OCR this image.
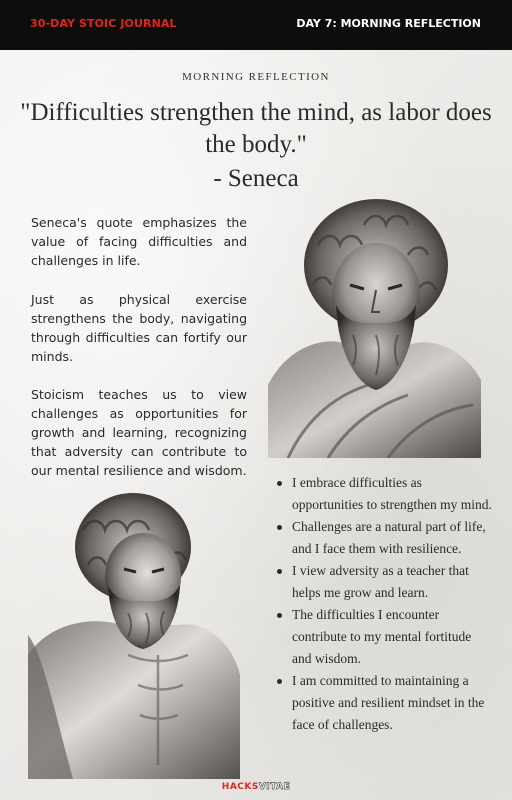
30-DAY STOIC JOURNAL	DAY 7: MORNING REFLECTION
MORNING REFLECTION
"Difficulties strengthen the mind, as labor does the body."
- Seneca
Seneca's quote emphasizes the value of facing difficulties and challenges in life.
Just as physical exercise strengthens the body, navigating through difficulties can fortify our minds.
Stoicism teaches us to view challenges as opportunities for growth and learning, recognizing that adversity can contribute to our mental resilience and wisdom.
I embrace difficulties as opportunities to strengthen my mind.
Challenges are a natural part of life, and I face them with resilience.
I view adversity as a teacher that helps me grow and learn.
The difficulties I encounter contribute to my mental fortitude and wisdom.
I am committed to maintaining a positive and resilient mindset in the face of challenges.
HACKSVITAE
